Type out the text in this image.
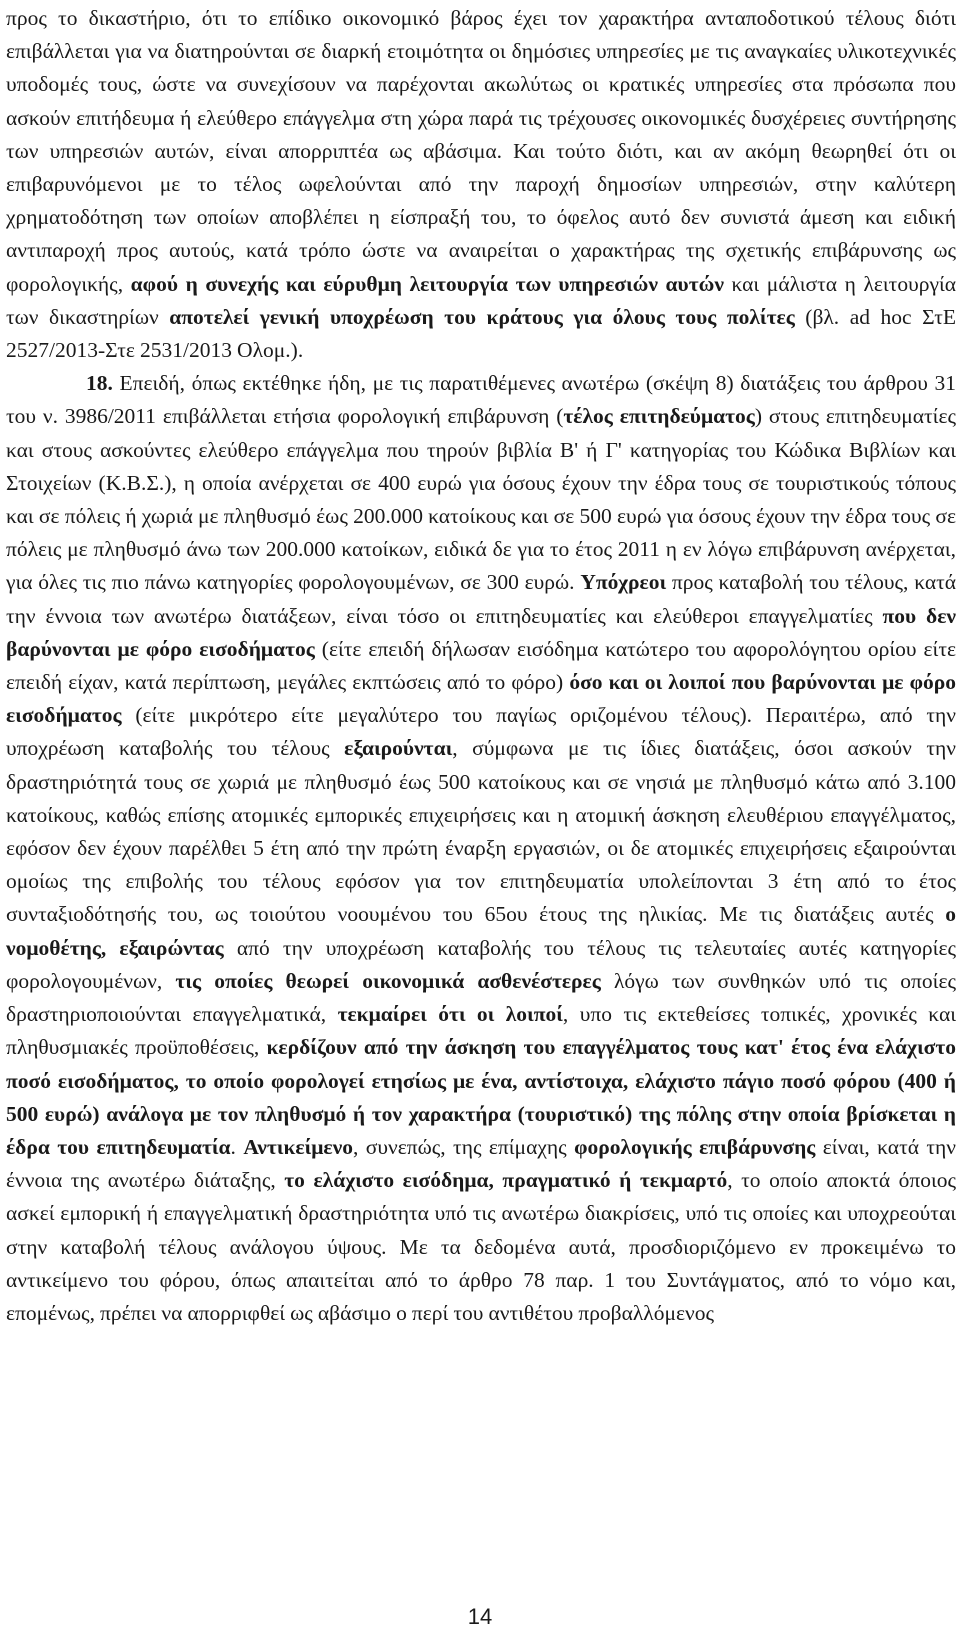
προς το δικαστήριο, ότι το επίδικο οικονομικό βάρος έχει τον χαρακτήρα ανταποδοτικού τέλους διότι επιβάλλεται για να διατηρούνται σε διαρκή ετοιμότητα οι δημόσιες υπηρεσίες με τις αναγκαίες υλικοτεχνικές υποδομές τους, ώστε να συνεχίσουν να παρέχονται ακωλύτως οι κρατικές υπηρεσίες στα πρόσωπα που ασκούν επιτήδευμα ή ελεύθερο επάγγελμα στη χώρα παρά τις τρέχουσες οικονομικές δυσχέρειες συντήρησης των υπηρεσιών αυτών, είναι απορριπτέα ως αβάσιμα. Και τούτο διότι, και αν ακόμη θεωρηθεί ότι οι επιβαρυνόμενοι με το τέλος ωφελούνται από την παροχή δημοσίων υπηρεσιών, στην καλύτερη χρηματοδότηση των οποίων αποβλέπει η είσπραξή του, το όφελος αυτό δεν συνιστά άμεση και ειδική αντιπαροχή προς αυτούς, κατά τρόπο ώστε να αναιρείται ο χαρακτήρας της σχετικής επιβάρυνσης ως φορολογικής, αφού η συνεχής και εύρυθμη λειτουργία των υπηρεσιών αυτών και μάλιστα η λειτουργία των δικαστηρίων αποτελεί γενική υποχρέωση του κράτους για όλους τους πολίτες (βλ. ad hoc ΣτΕ 2527/2013-Στε 2531/2013 Ολομ.).

18. Επειδή, όπως εκτέθηκε ήδη, με τις παρατιθέμενες ανωτέρω (σκέψη 8) διατάξεις του άρθρου 31 του ν. 3986/2011 επιβάλλεται ετήσια φορολογική επιβάρυνση (τέλος επιτηδεύματος) στους επιτηδευματίες και στους ασκούντες ελεύθερο επάγγελμα που τηρούν βιβλία Β' ή Γ' κατηγορίας του Κώδικα Βιβλίων και Στοιχείων (Κ.Β.Σ.), η οποία ανέρχεται σε 400 ευρώ για όσους έχουν την έδρα τους σε τουριστικούς τόπους και σε πόλεις ή χωριά με πληθυσμό έως 200.000 κατοίκους και σε 500 ευρώ για όσους έχουν την έδρα τους σε πόλεις με πληθυσμό άνω των 200.000 κατοίκων, ειδικά δε για το έτος 2011 η εν λόγω επιβάρυνση ανέρχεται, για όλες τις πιο πάνω κατηγορίες φορολογουμένων, σε 300 ευρώ. Υπόχρεοι προς καταβολή του τέλους, κατά την έννοια των ανωτέρω διατάξεων, είναι τόσο οι επιτηδευματίες και ελεύθεροι επαγγελματίες που δεν βαρύνονται με φόρο εισοδήματος (είτε επειδή δήλωσαν εισόδημα κατώτερο του αφορολόγητου ορίου είτε επειδή είχαν, κατά περίπτωση, μεγάλες εκπτώσεις από το φόρο) όσο και οι λοιποί που βαρύνονται με φόρο εισοδήματος (είτε μικρότερο είτε μεγαλύτερο του παγίως οριζομένου τέλους). Περαιτέρω, από την υποχρέωση καταβολής του τέλους εξαιρούνται, σύμφωνα με τις ίδιες διατάξεις, όσοι ασκούν την δραστηριότητά τους σε χωριά με πληθυσμό έως 500 κατοίκους και σε νησιά με πληθυσμό κάτω από 3.100 κατοίκους, καθώς επίσης ατομικές εμπορικές επιχειρήσεις και η ατομική άσκηση ελευθέριου επαγγέλματος, εφόσον δεν έχουν παρέλθει 5 έτη από την πρώτη έναρξη εργασιών, οι δε ατομικές επιχειρήσεις εξαιρούνται ομοίως της επιβολής του τέλους εφόσον για τον επιτηδευματία υπολείπονται 3 έτη από το έτος συνταξιοδότησής του, ως τοιούτου νοουμένου του 65ου έτους της ηλικίας. Με τις διατάξεις αυτές ο νομοθέτης, εξαιρώντας από την υποχρέωση καταβολής του τέλους τις τελευταίες αυτές κατηγορίες φορολογουμένων, τις οποίες θεωρεί οικονομικά ασθενέστερες λόγω των συνθηκών υπό τις οποίες δραστηριοποιούνται επαγγελματικά, τεκμαίρει ότι οι λοιποί, υπο τις εκτεθείσες τοπικές, χρονικές και πληθυσμιακές προϋποθέσεις, κερδίζουν από την άσκηση του επαγγέλματος τους κατ' έτος ένα ελάχιστο ποσό εισοδήματος, το οποίο φορολογεί ετησίως με ένα, αντίστοιχα, ελάχιστο πάγιο ποσό φόρου (400 ή 500 ευρώ) ανάλογα με τον πληθυσμό ή τον χαρακτήρα (τουριστικό) της πόλης στην οποία βρίσκεται η έδρα του επιτηδευματία. Αντικείμενο, συνεπώς, της επίμαχης φορολογικής επιβάρυνσης είναι, κατά την έννοια της ανωτέρω διάταξης, το ελάχιστο εισόδημα, πραγματικό ή τεκμαρτό, το οποίο αποκτά όποιος ασκεί εμπορική ή επαγγελματική δραστηριότητα υπό τις ανωτέρω διακρίσεις, υπό τις οποίες και υποχρεούται στην καταβολή τέλους ανάλογου ύψους. Με τα δεδομένα αυτά, προσδιοριζόμενο εν προκειμένω το αντικείμενο του φόρου, όπως απαιτείται από το άρθρο 78 παρ. 1 του Συντάγματος, από το νόμο και, επομένως, πρέπει να απορριφθεί ως αβάσιμο ο περί του αντιθέτου προβαλλόμενος

14
